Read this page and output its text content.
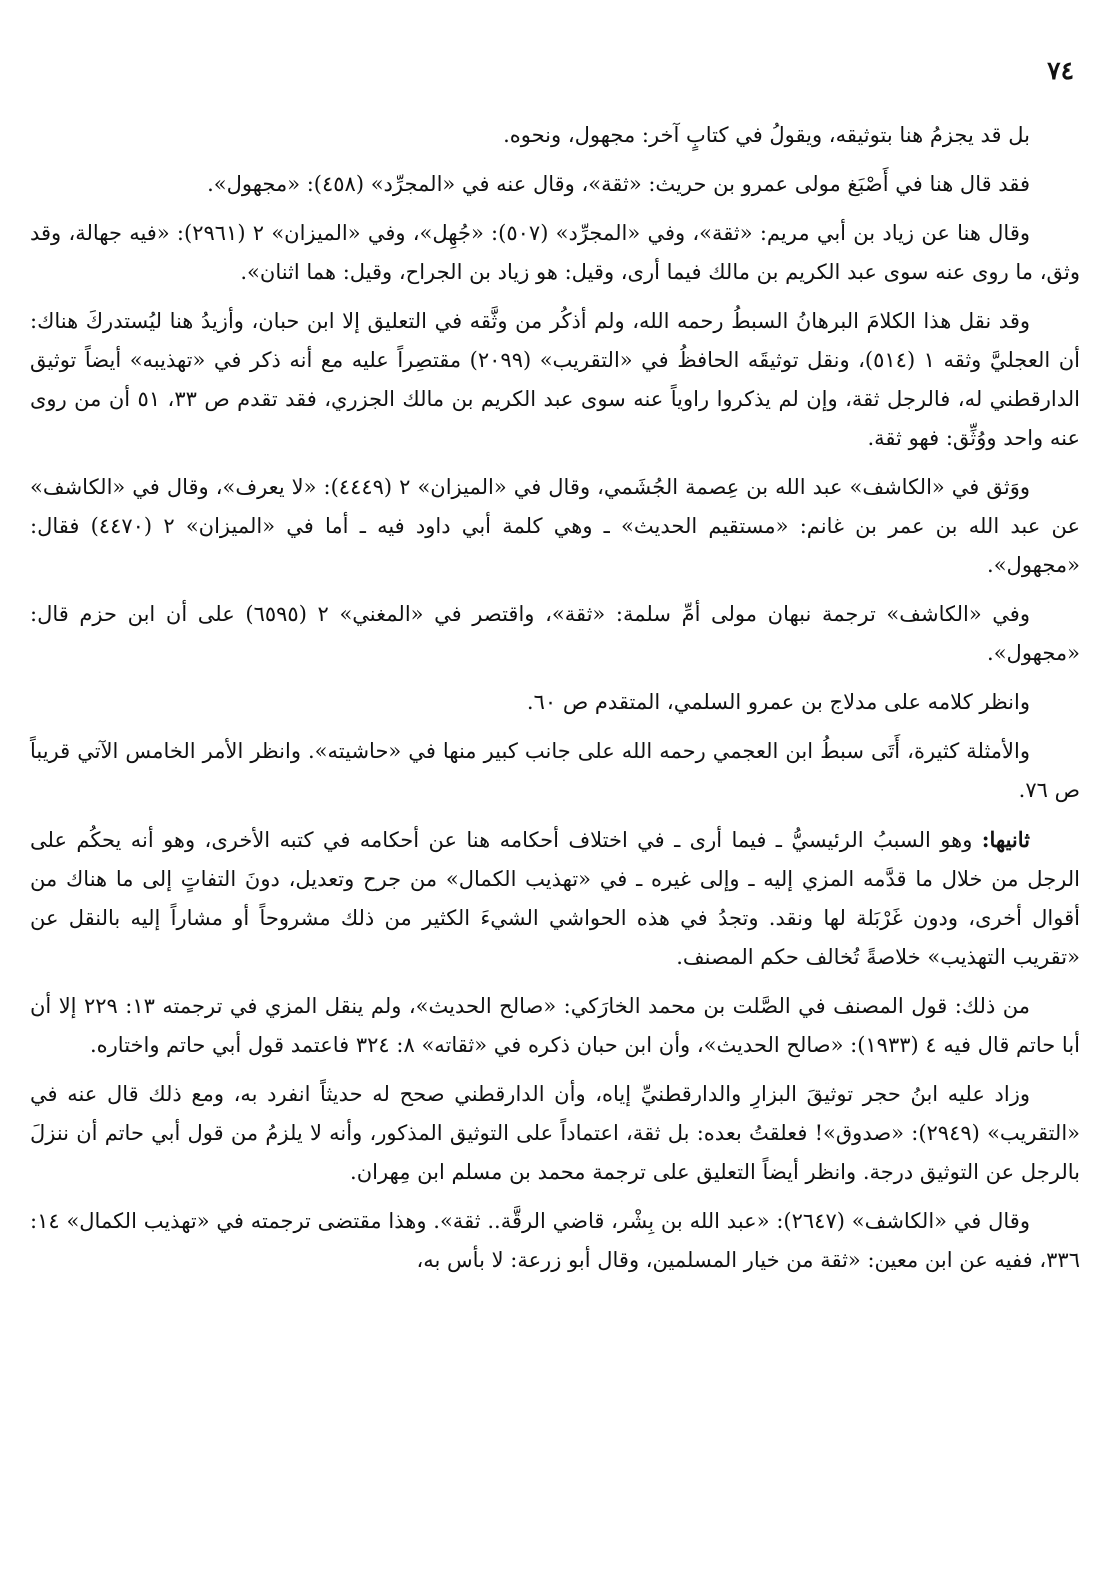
٧٤

بل قد يجزمُ هنا بتوثيقه، ويقولُ في كتابٍ آخر: مجهول، ونحوه.

فقد قال هنا في أَصْبَغ مولى عمرو بن حريث: «ثقة»، وقال عنه في «المجرِّد» (٤٥٨): «مجهول».

وقال هنا عن زياد بن أبي مريم: «ثقة»، وفي «المجرِّد» (٥٠٧): «جُهِل»، وفي «الميزان» ٢ (٢٩٦١): «فيه جهالة، وقد وثق، ما روى عنه سوى عبد الكريم بن مالك فيما أرى، وقيل: هو زياد بن الجراح، وقيل: هما اثنان».

وقد نقل هذا الكلامَ البرهانُ السبطُ رحمه الله، ولم أذكُر من وثَّقه في التعليق إلا ابن حبان، وأزيدُ هنا ليُستدركَ هناك: أن العجليَّ وثقه ١ (٥١٤)، ونقل توثيقَه الحافظُ في «التقريب» (٢٠٩٩) مقتصِراً عليه مع أنه ذكر في «تهذيبه» أيضاً توثيق الدارقطني له، فالرجل ثقة، وإن لم يذكروا راوياً عنه سوى عبد الكريم بن مالك الجزري، فقد تقدم ص ٣٣، ٥١ أن من روى عنه واحد ووُثِّق: فهو ثقة.

ووَثق في «الكاشف» عبد الله بن عِصمة الجُشَمي، وقال في «الميزان» ٢ (٤٤٤٩): «لا يعرف»، وقال في «الكاشف» عن عبد الله بن عمر بن غانم: «مستقيم الحديث» ـ وهي كلمة أبي داود فيه ـ أما في «الميزان» ٢ (٤٤٧٠) فقال: «مجهول».

وفي «الكاشف» ترجمة نبهان مولى أمِّ سلمة: «ثقة»، واقتصر في «المغني» ٢ (٦٥٩٥) على أن ابن حزم قال: «مجهول».

وانظر كلامه على مدلاج بن عمرو السلمي، المتقدم ص ٦٠.

والأمثلة كثيرة، أَتَى سبطُ ابن العجمي رحمه الله على جانب كبير منها في «حاشيته». وانظر الأمر الخامس الآتي قريباً ص ٧٦.

ثانيها: وهو السببُ الرئيسيُّ ـ فيما أرى ـ في اختلاف أحكامه هنا عن أحكامه في كتبه الأخرى، وهو أنه يحكُم على الرجل من خلال ما قدَّمه المزي إليه ـ وإلى غيره ـ في «تهذيب الكمال» من جرح وتعديل، دونَ التفاتٍ إلى ما هناك من أقوال أخرى، ودون غَرْبَلة لها ونقد. وتجدُ في هذه الحواشي الشيءَ الكثير من ذلك مشروحاً أو مشاراً إليه بالنقل عن «تقريب التهذيب» خلاصةً تُخالف حكم المصنف.

من ذلك: قول المصنف في الصَّلت بن محمد الخارَكي: «صالح الحديث»، ولم ينقل المزي في ترجمته ١٣: ٢٢٩ إلا أن أبا حاتم قال فيه ٤ (١٩٣٣): «صالح الحديث»، وأن ابن حبان ذكره في «ثقاته» ٨: ٣٢٤ فاعتمد قول أبي حاتم واختاره.

وزاد عليه ابنُ حجر توثيقَ البزارِ والدارقطنيِّ إياه، وأن الدارقطني صحح له حديثاً انفرد به، ومع ذلك قال عنه في «التقريب» (٢٩٤٩): «صدوق»! فعلقتُ بعده: بل ثقة، اعتماداً على التوثيق المذكور، وأنه لا يلزمُ من قول أبي حاتم أن ننزلَ بالرجل عن التوثيق درجة. وانظر أيضاً التعليق على ترجمة محمد بن مسلم ابن مِهران.

وقال في «الكاشف» (٢٦٤٧): «عبد الله بن بِشْر، قاضي الرقَّة.. ثقة». وهذا مقتضى ترجمته في «تهذيب الكمال» ١٤: ٣٣٦، ففيه عن ابن معين: «ثقة من خيار المسلمين، وقال أبو زرعة: لا بأس به،
